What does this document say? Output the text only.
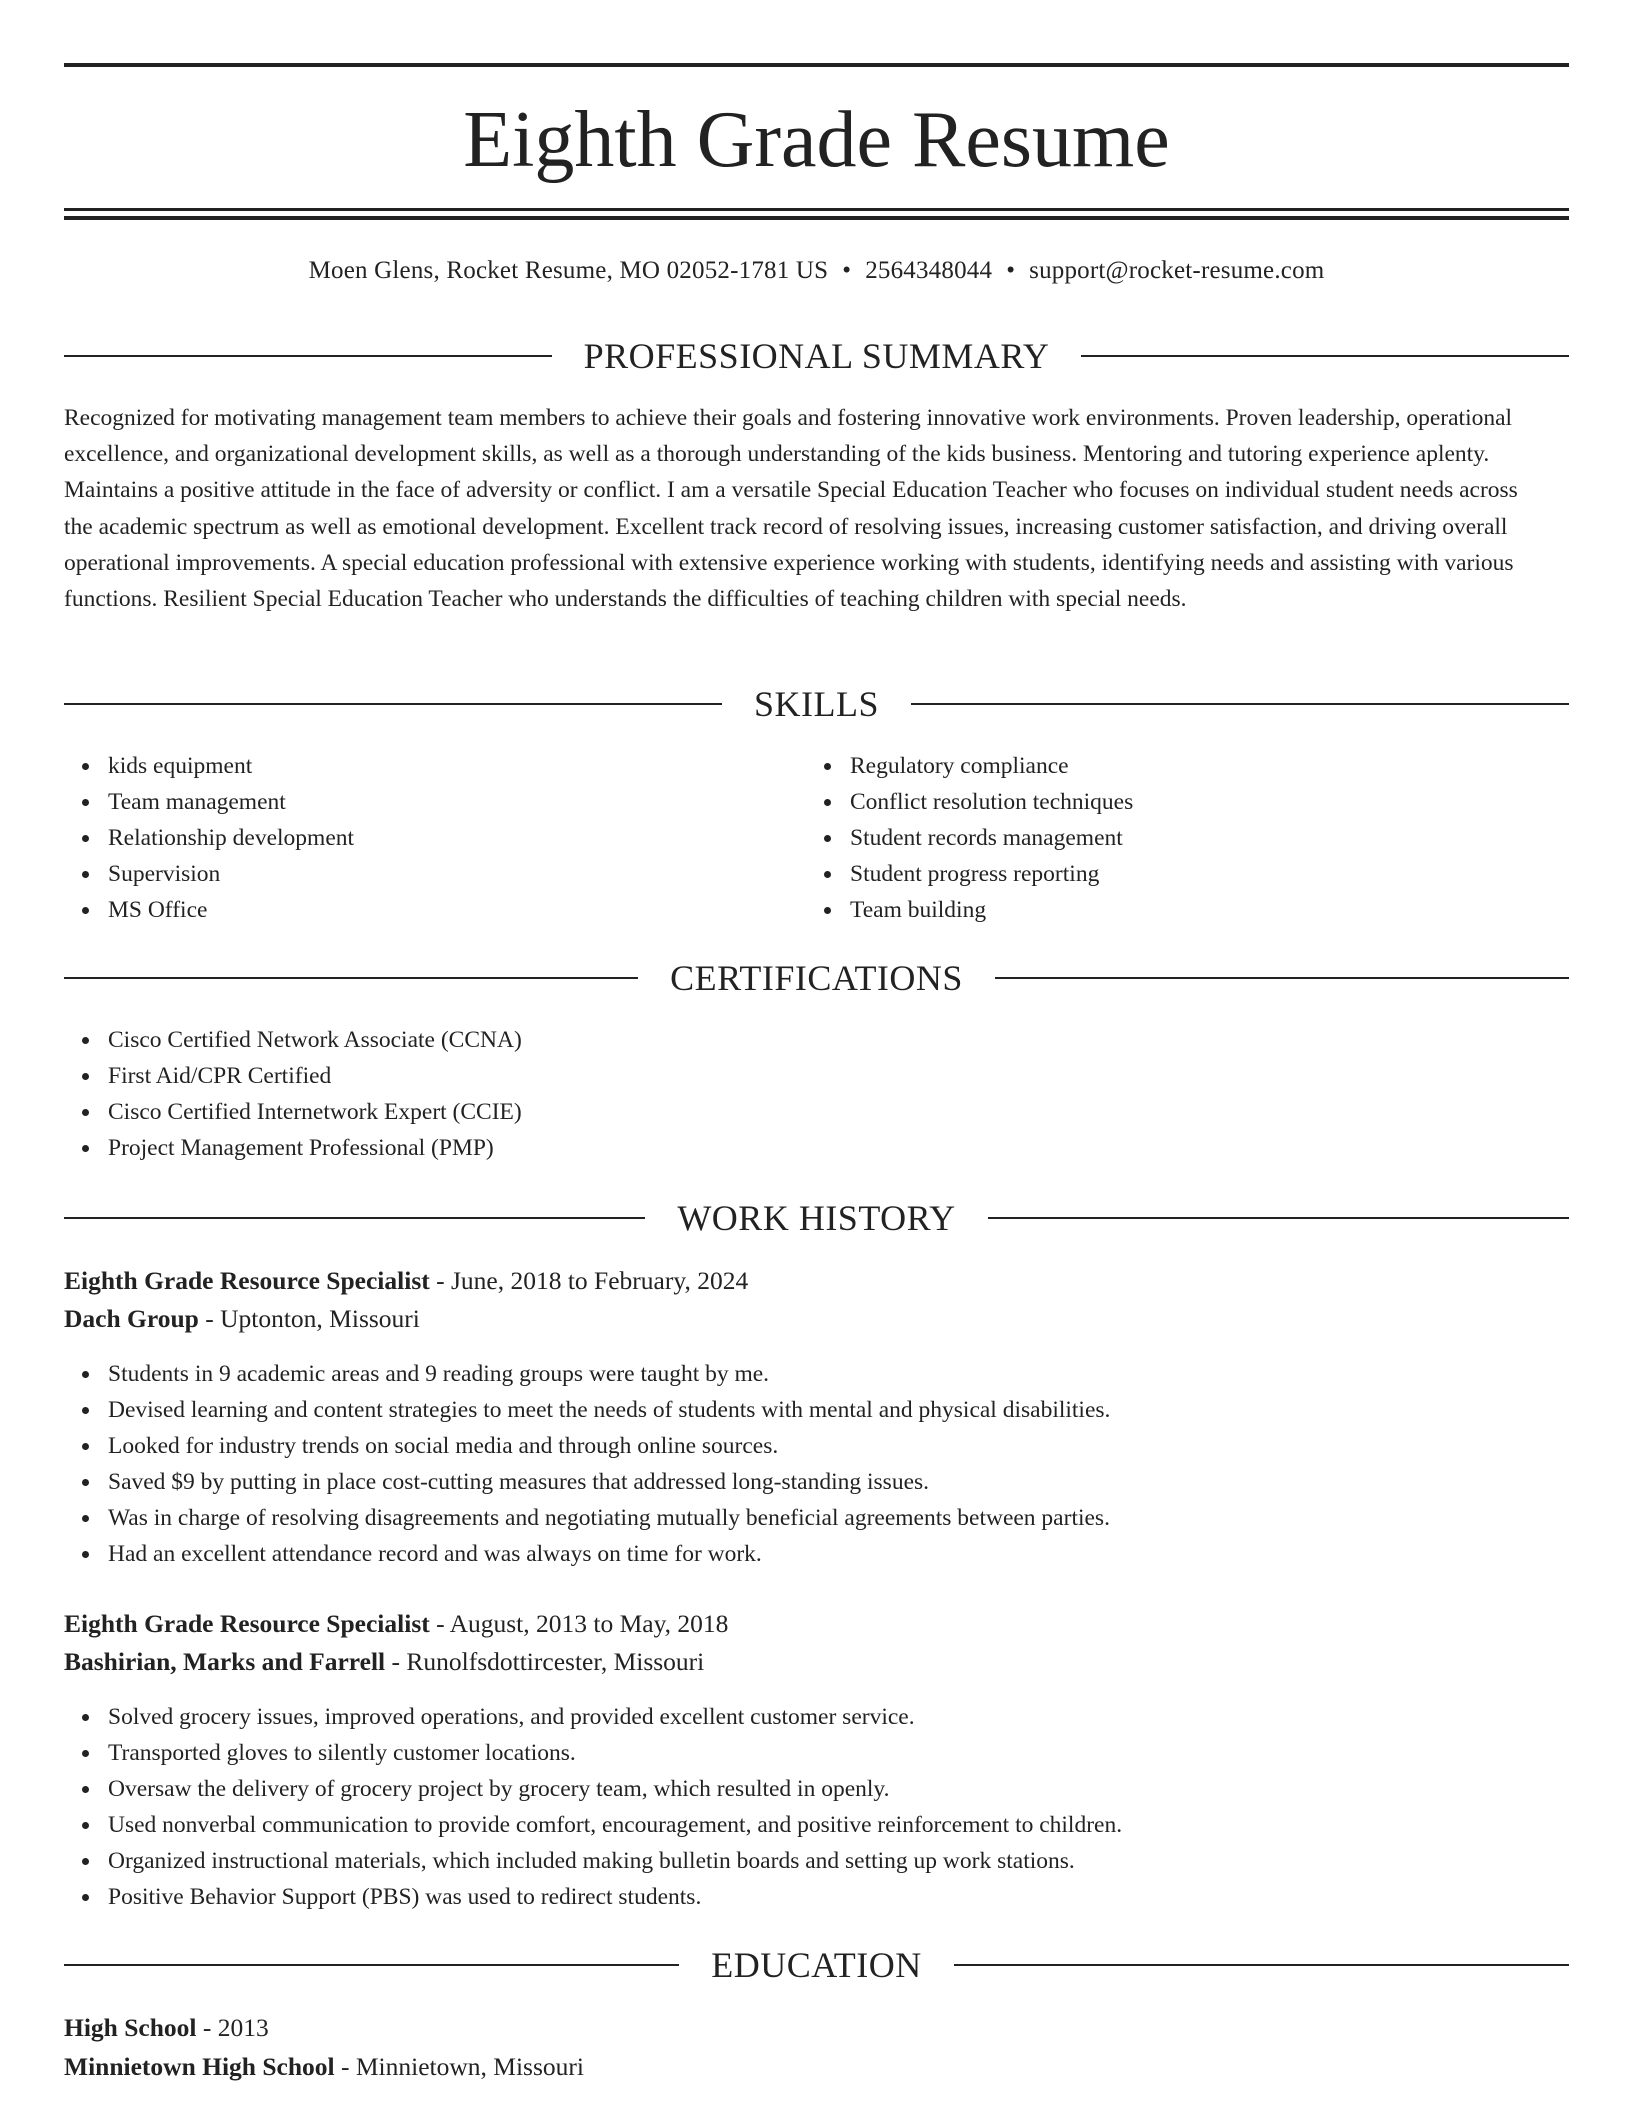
Eighth Grade Resume
Moen Glens, Rocket Resume, MO 02052-1781 US • 2564348044 • support@rocket-resume.com
PROFESSIONAL SUMMARY

Recognized for motivating management team members to achieve their goals and fostering innovative work environments. Proven leadership, operational excellence, and organizational development skills, as well as a thorough understanding of the kids business. Mentoring and tutoring experience aplenty. Maintains a positive attitude in the face of adversity or conflict. I am a versatile Special Education Teacher who focuses on individual student needs across the academic spectrum as well as emotional development. Excellent track record of resolving issues, increasing customer satisfaction, and driving overall operational improvements. A special education professional with extensive experience working with students, identifying needs and assisting with various functions. Resilient Special Education Teacher who understands the difficulties of teaching children with special needs.

SKILLS
kids equipment
Team management
Relationship development
Supervision
MS Office
Regulatory compliance
Conflict resolution techniques
Student records management
Student progress reporting
Team building
CERTIFICATIONS
Cisco Certified Network Associate (CCNA)
First Aid/CPR Certified
Cisco Certified Internetwork Expert (CCIE)
Project Management Professional (PMP)
WORK HISTORY
Eighth Grade Resource Specialist - June, 2018 to February, 2024
Dach Group - Uptonton, Missouri
Students in 9 academic areas and 9 reading groups were taught by me.
Devised learning and content strategies to meet the needs of students with mental and physical disabilities.
Looked for industry trends on social media and through online sources.
Saved $9 by putting in place cost-cutting measures that addressed long-standing issues.
Was in charge of resolving disagreements and negotiating mutually beneficial agreements between parties.
Had an excellent attendance record and was always on time for work.
Eighth Grade Resource Specialist - August, 2013 to May, 2018
Bashirian, Marks and Farrell - Runolfsdottircester, Missouri
Solved grocery issues, improved operations, and provided excellent customer service.
Transported gloves to silently customer locations.
Oversaw the delivery of grocery project by grocery team, which resulted in openly.
Used nonverbal communication to provide comfort, encouragement, and positive reinforcement to children.
Organized instructional materials, which included making bulletin boards and setting up work stations.
Positive Behavior Support (PBS) was used to redirect students.
EDUCATION
High School - 2013
Minnietown High School - Minnietown, Missouri
